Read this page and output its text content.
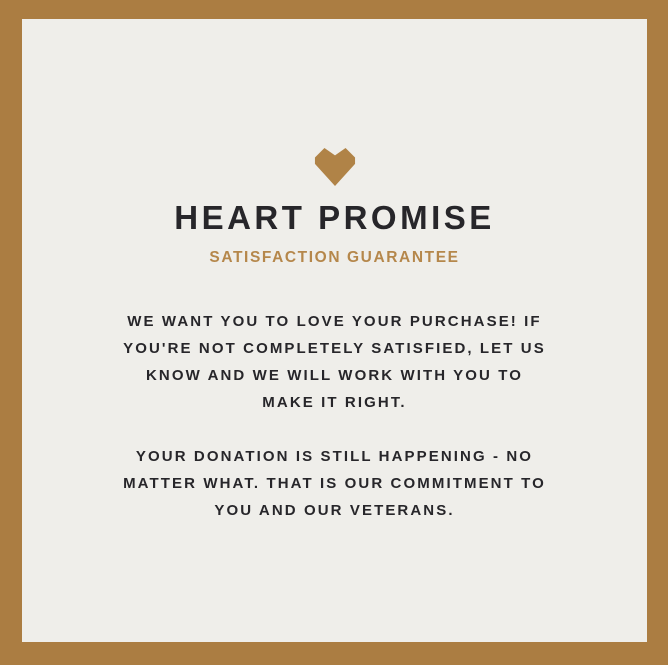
HEART PROMISE
SATISFACTION GUARANTEE

WE WANT YOU TO LOVE YOUR PURCHASE! IF
YOU'RE NOT COMPLETELY SATISFIED, LET US
KNOW AND WE WILL WORK WITH YOU TO
MAKE IT RIGHT.

YOUR DONATION IS STILL HAPPENING - NO
MATTER WHAT. THAT IS OUR COMMITMENT TO
YOU AND OUR VETERANS.
